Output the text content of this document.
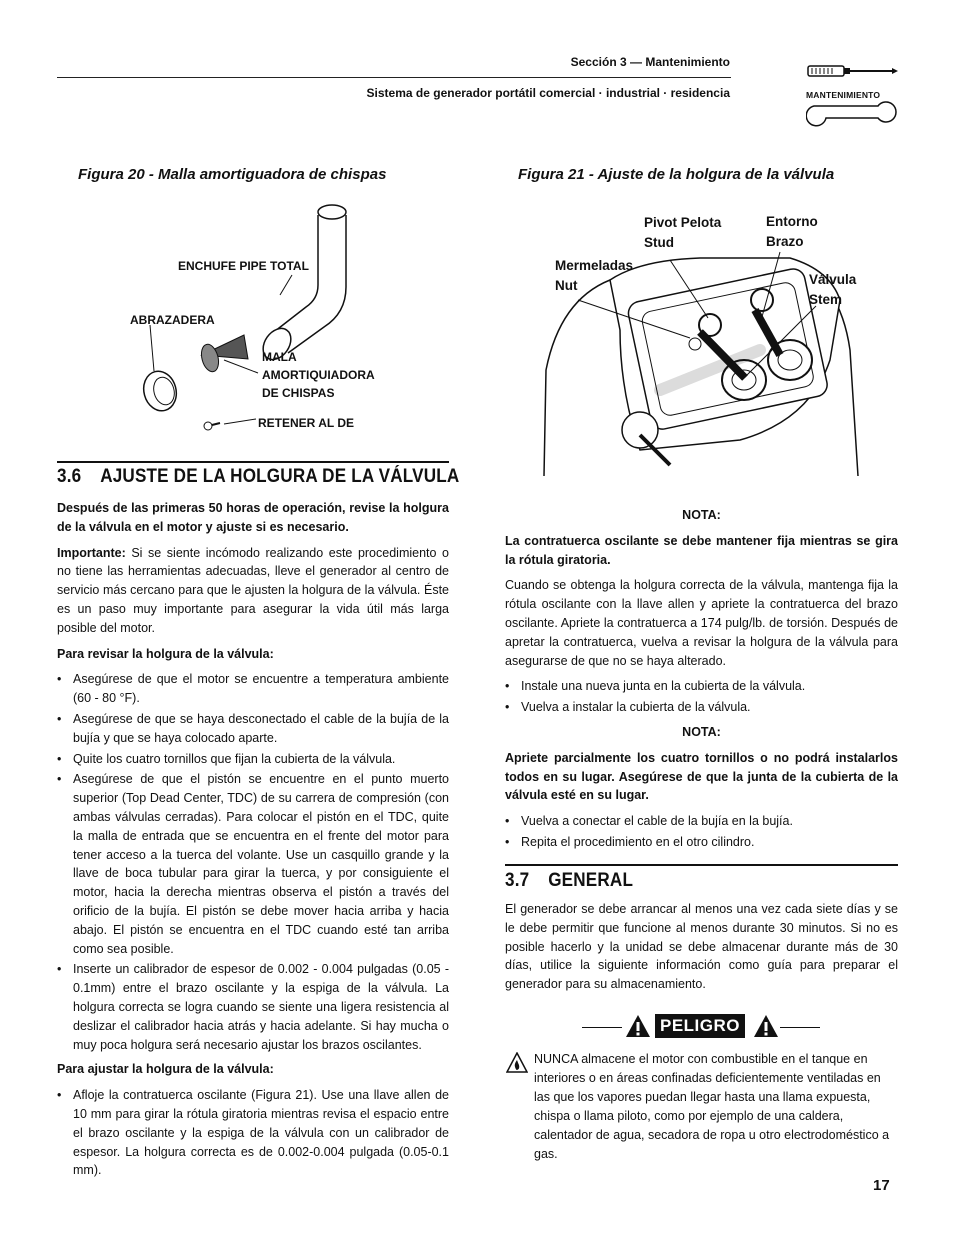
Sección 3 — Mantenimiento
Sistema de generador portátil comercial · industrial · residencia	MANTENIMIENTO
Figura 20 - Malla amortiguadora de chispas
ENCHUFE PIPE TOTAL
ABRAZADERA
MALA
AMORTIQUIADORA
DE CHISPAS
RETENER AL DE
Figura 21 - Ajuste de la holgura de la válvula
Pivot Pelota
Stud
Entorno
Brazo
Mermeladas
Nut	Válvula
Stem
3.6 AJUSTE DE LA HOLGURA DE LA VÁLVULA

Después de las primeras 50 horas de operación, revise la holgura de la válvula en el motor y ajuste si es necesario.

Importante: Si se siente incómodo realizando este procedimiento o no tiene las herramientas adecuadas, lleve el generador al centro de servicio más cercano para que le ajusten la holgura de la válvula. Éste es un paso muy importante para asegurar la vida útil más larga posible del motor.

Para revisar la holgura de la válvula:

• Asegúrese de que el motor se encuentre a temperatura ambiente (60 - 80 °F).
• Asegúrese de que se haya desconectado el cable de la bujía de la bujía y que se haya colocado aparte.
• Quite los cuatro tornillos que fijan la cubierta de la válvula.
• Asegúrese de que el pistón se encuentre en el punto muerto superior (Top Dead Center, TDC) de su carrera de compresión (con ambas válvulas cerradas). Para colocar el pistón en el TDC, quite la malla de entrada que se encuentra en el frente del motor para tener acceso a la tuerca del volante. Use un casquillo grande y la llave de boca tubular para girar la tuerca, y por consiguiente el motor, hacia la derecha mientras observa el pistón a través del orificio de la bujía. El pistón se debe mover hacia arriba y hacia abajo. El pistón se encuentra en el TDC cuando esté tan arriba como sea posible.
• Inserte un calibrador de espesor de 0.002 - 0.004 pulgadas (0.05 - 0.1mm) entre el brazo oscilante y la espiga de la válvula. La holgura correcta se logra cuando se siente una ligera resistencia al deslizar el calibrador hacia atrás y hacia adelante. Si hay mucha o muy poca holgura será necesario ajustar los brazos oscilantes.

Para ajustar la holgura de la válvula:

• Afloje la contratuerca oscilante (Figura 21). Use una llave allen de 10 mm para girar la rótula giratoria mientras revisa el espacio entre el brazo oscilante y la espiga de la válvula con un calibrador de espesor. La holgura correcta es de 0.002-0.004 pulgada (0.05-0.1 mm).

NOTA:

La contratuerca oscilante se debe mantener fija mientras se gira la rótula giratoria.

Cuando se obtenga la holgura correcta de la válvula, mantenga fija la rótula oscilante con la llave allen y apriete la contratuerca del brazo oscilante. Apriete la contratuerca a 174 pulg/lb. de torsión. Después de apretar la contratuerca, vuelva a revisar la holgura de la válvula para asegurarse de que no se haya alterado.

• Instale una nueva junta en la cubierta de la válvula.
• Vuelva a instalar la cubierta de la válvula.

NOTA:

Apriete parcialmente los cuatro tornillos o no podrá instalarlos todos en su lugar. Asegúrese de que la junta de la cubierta de la válvula esté en su lugar.

• Vuelva a conectar el cable de la bujía en la bujía.
• Repita el procedimiento en el otro cilindro.
3.7 GENERAL
El generador se debe arrancar al menos una vez cada siete días y se le debe permitir que funcione al menos durante 30 minutos. Si no es posible hacerlo y la unidad se debe almacenar durante más de 30 días, utilice la siguiente información como guía para preparar el generador para su almacenamiento.
PELIGRO
NUNCA almacene el motor con combustible en el tanque en interiores o en áreas confinadas deficientemente ventiladas en las que los vapores puedan llegar hasta una llama expuesta, chispa o llama piloto, como por ejemplo de una caldera, calentador de agua, secadora de ropa u otro electrodoméstico a gas.
17
